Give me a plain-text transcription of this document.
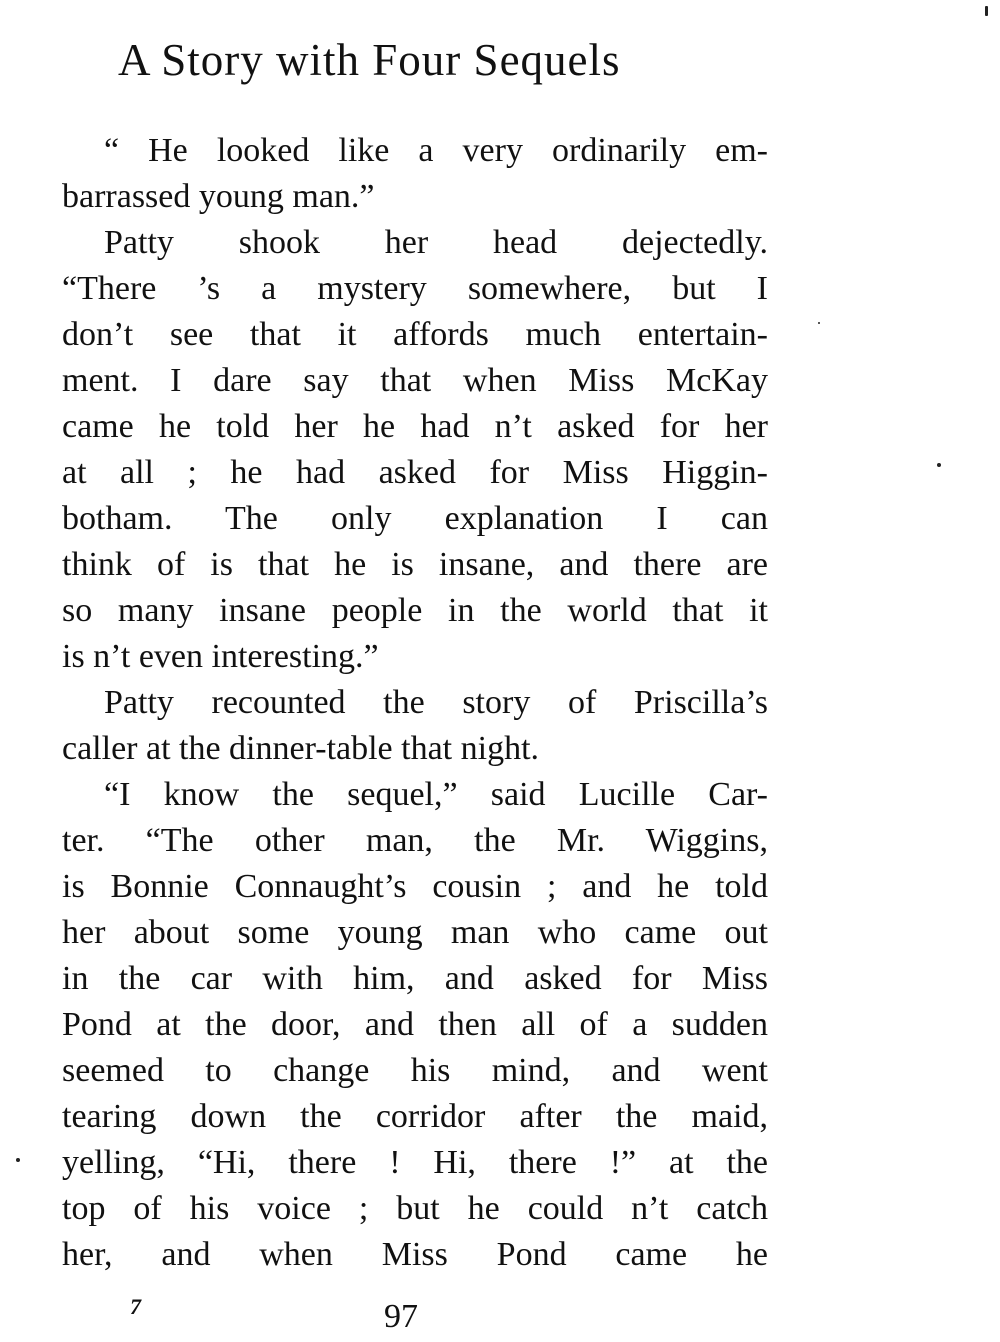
A Story with Four Sequels
“ He looked like a very ordinarily em-
barrassed young man.”
Patty shook her head dejectedly.
“There ’s a mystery somewhere, but I
don’t see that it affords much entertain-
ment. I dare say that when Miss McKay
came he told her he had n’t asked for her
at all ; he had asked for Miss Higgin-
botham. The only explanation I can
think of is that he is insane, and there are
so many insane people in the world that it
is n’t even interesting.”
Patty recounted the story of Priscilla’s
caller at the dinner-table that night.
“I know the sequel,” said Lucille Car-
ter. “The other man, the Mr. Wiggins,
is Bonnie Connaught’s cousin ; and he told
her about some young man who came out
in the car with him, and asked for Miss
Pond at the door, and then all of a sudden
seemed to change his mind, and went
tearing down the corridor after the maid,
yelling, “Hi, there ! Hi, there !” at the
top of his voice ; but he could n’t catch
her, and when Miss Pond came he
7	97
